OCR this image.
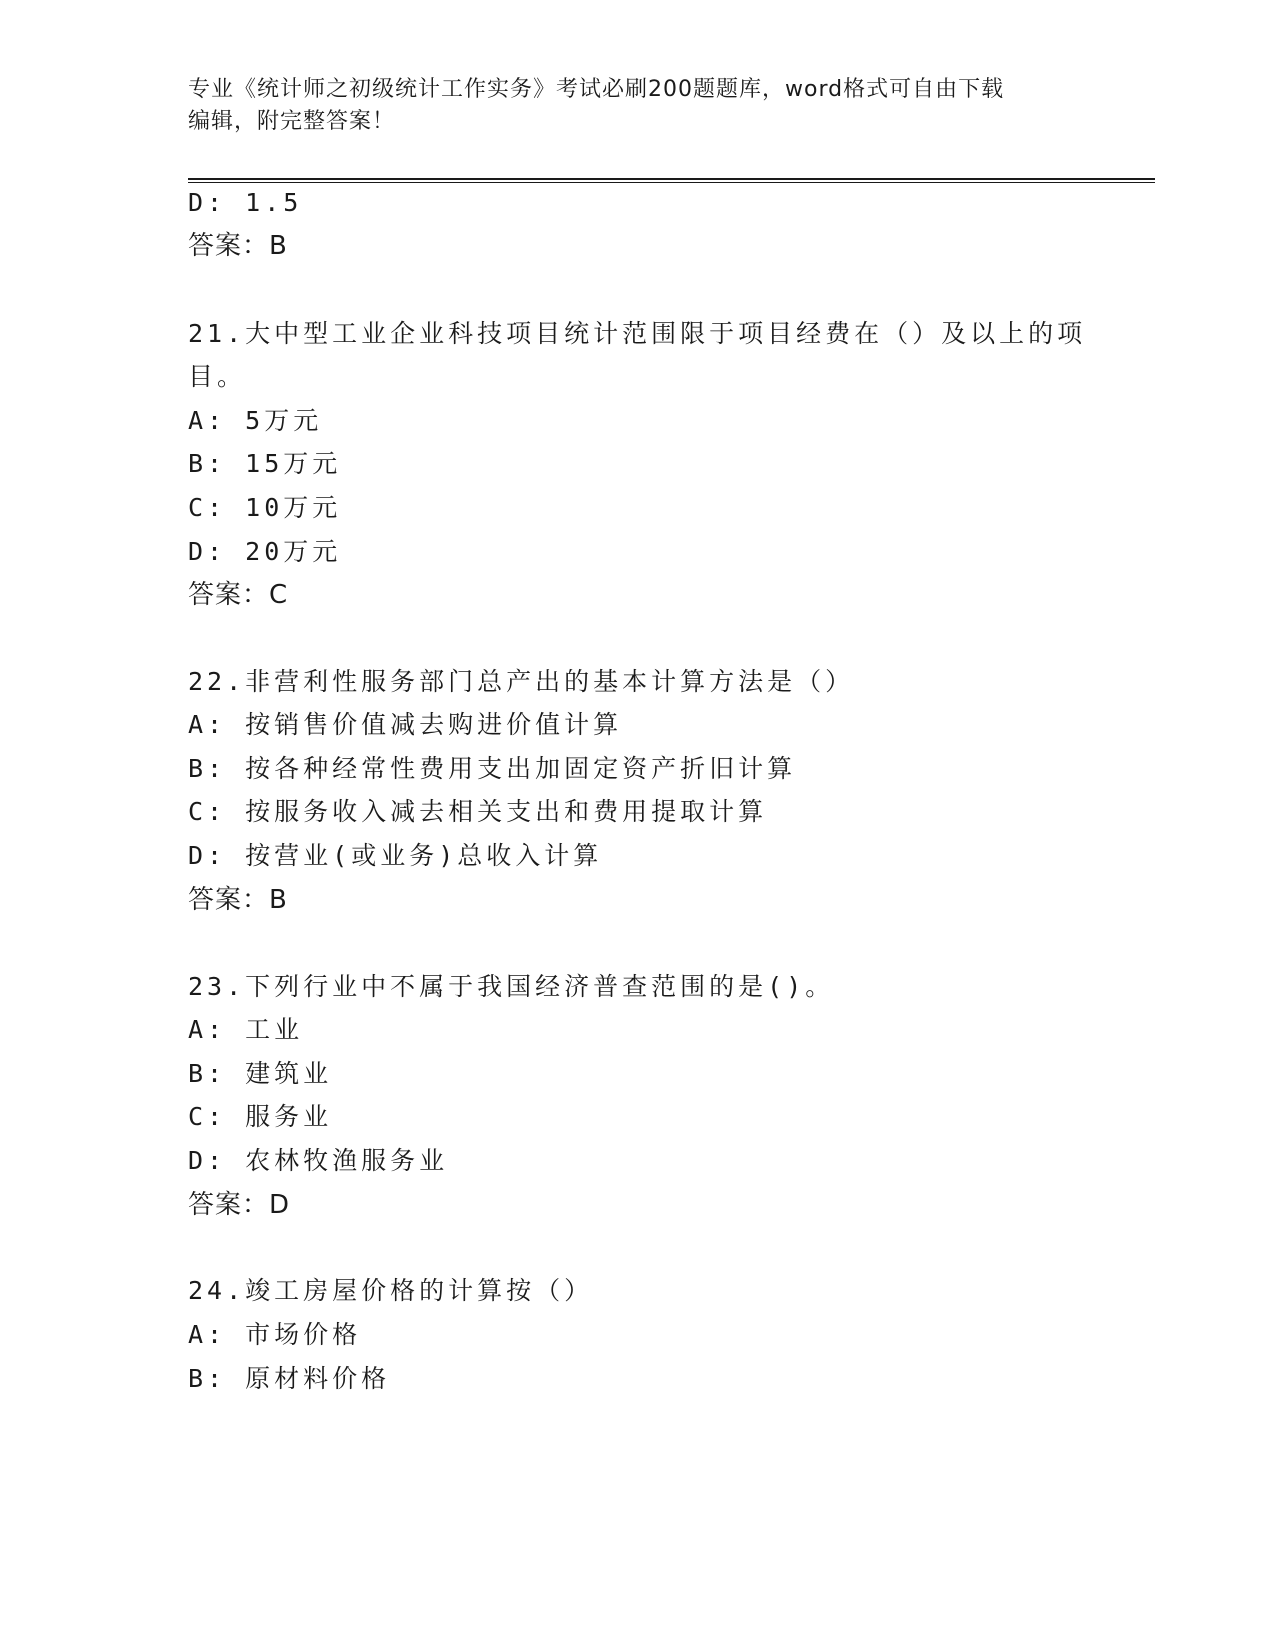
专业《统计师之初级统计工作实务》考试必刷200题题库，word格式可自由下载
编辑，附完整答案！
D: 1.5
答案：B
21.大中型工业企业科技项目统计范围限于项目经费在（）及以上的项
目。
A: 5万元
B: 15万元
C: 10万元
D: 20万元
答案：C
22.非营利性服务部门总产出的基本计算方法是（）
A: 按销售价值减去购进价值计算
B: 按各种经常性费用支出加固定资产折旧计算
C: 按服务收入减去相关支出和费用提取计算
D: 按营业(或业务)总收入计算
答案：B
23.下列行业中不属于我国经济普查范围的是()。
A: 工业
B: 建筑业
C: 服务业
D: 农林牧渔服务业
答案：D
24.竣工房屋价格的计算按（）
A: 市场价格
B: 原材料价格
